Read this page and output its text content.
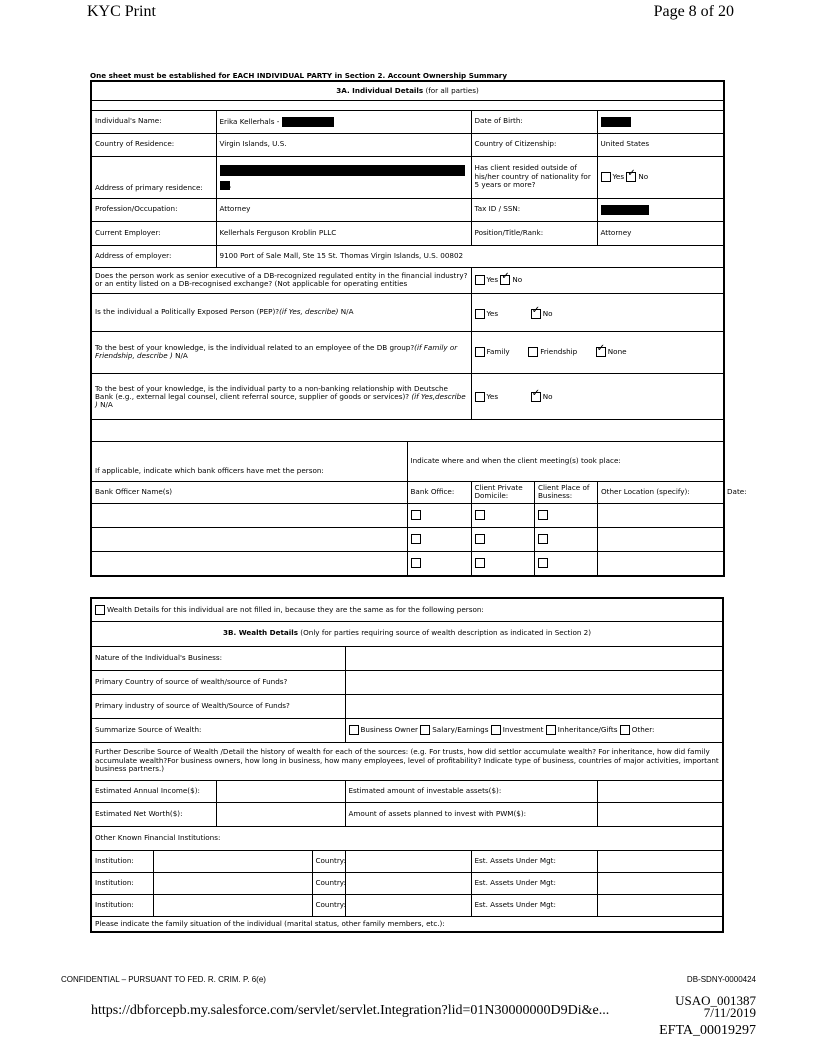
KYC Print	Page 8 of 20
One sheet must be established for EACH INDIVIDUAL PARTY in Section 2. Account Ownership Summary
3A. Individual Details (for all parties)

Individual's Name:	Erika Kellerhals -	Date of Birth:	
Country of Residence:	Virgin Islands, U.S.	Country of Citizenship:	United States
Address of primary residence:	.	Has client resided outside of his/her country of nationality for 5 years or more?	Yes ✓ No
Profession/Occupation:	Attorney	Tax ID / SSN:	
Current Employer:	Kellerhals Ferguson Kroblin PLLC	Position/Title/Rank:	Attorney
Address of employer:	9100 Port of Sale Mall, Ste 15 St. Thomas Virgin Islands, U.S. 00802
Does the person work as senior executive of a DB-recognized regulated entity in the financial industry? or an entity listed on a DB-recognised exchange? (Not applicable for operating entities	Yes ✓ No
Is the individual a Politically Exposed Person (PEP)?(if Yes, describe) N/A	Yes ✓	No
To the best of your knowledge, is the individual related to an employee of the DB group?(if Family or Friendship, describe ) N/A	Family	Friendship ✓	None
To the best of your knowledge, is the individual party to a non-banking relationship with Deutsche Bank (e.g., external legal counsel, client referral source, supplier of goods or services)? (if Yes,describe ) N/A	Yes ✓	No

If applicable, indicate which bank officers have met the person:	Indicate where and when the client meeting(s) took place:
Bank Officer Name(s)	Bank Office:		Client Private Domicile:	Client Place of Business:	Other Location (specify):	Date:

Wealth Details for this individual are not filled in, because they are the same as for the following person:						
3B. Wealth Details (Only for parties requiring source of wealth description as indicated in Section 2)						
Nature of the Individual's Business:						
Primary Country of source of wealth/source of Funds?						
Primary industry of source of Wealth/Source of Funds?						
Summarize Source of Wealth:				Business Owner Salary/Earnings Investment Inheritance/Gifts Other:		
Further Describe Source of Wealth /Detail the history of wealth for each of the sources: (e.g. For trusts, how did settlor accumulate wealth? For inheritance, how did family accumulate wealth?For business owners, how long in business, how many employees, level of profitability? Indicate type of business, countries of major activities, important business partners.)						
Estimated Annual Income($):				Estimated amount of investable assets($):		
Estimated Net Worth($):				Amount of assets planned to invest with PWM($):		
Other Known Financial Institutions:						
Institution:			Country:		Est. Assets Under Mgt:	
Institution:			Country:		Est. Assets Under Mgt:	
Institution:			Country:		Est. Assets Under Mgt:	
Please indicate the family situation of the individual (marital status, other family members, etc.):						
CONFIDENTIAL – PURSUANT TO FED. R. CRIM. P. 6(e)	DB-SDNY-0000424
https://dbforcepb.my.salesforce.com/servlet/servlet.Integration?lid=01N30000000D9Di&e...
USAO_001387
7/11/2019
EFTA_00019297
